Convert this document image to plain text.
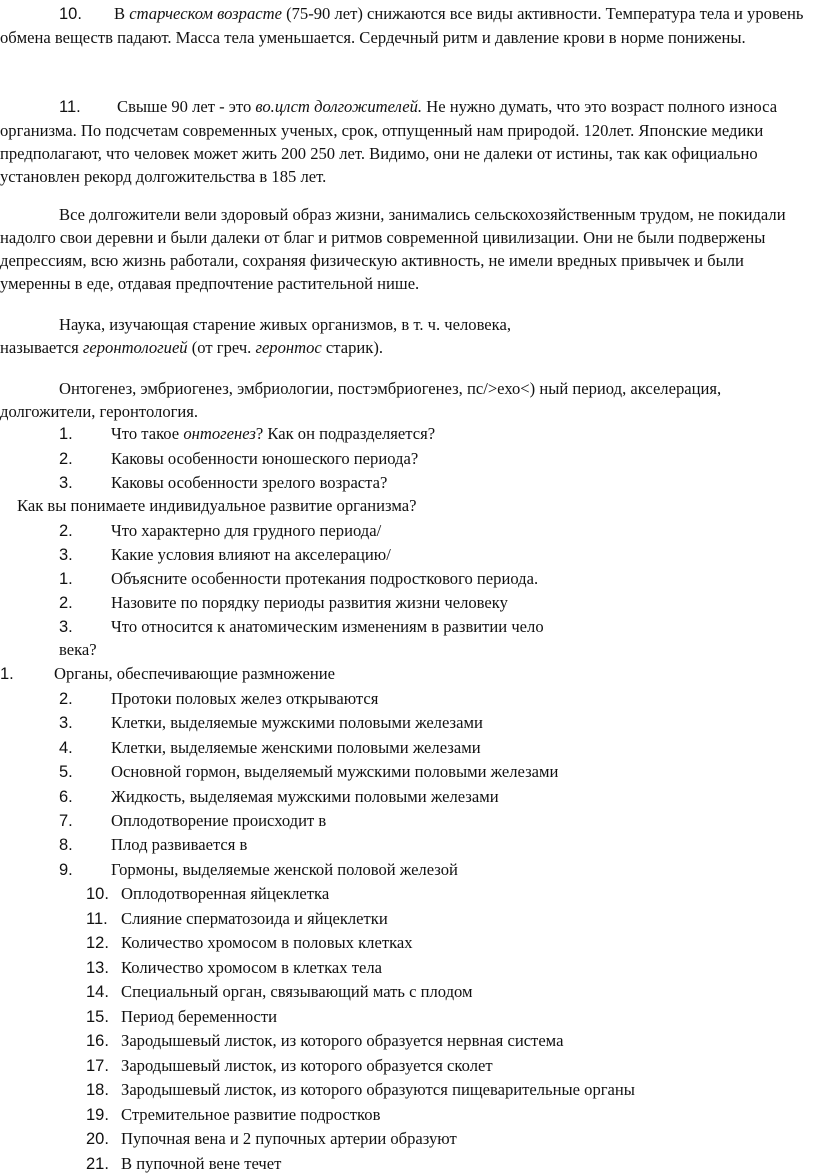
10. В старческом возрасте (75-90 лет) снижаются все виды активности. Температура тела и уровень обмена веществ падают. Масса тела уменьшается. Сердечный ритм и давление крови в норме понижены.

11. Свыше 90 лет - это во.цлст долгожителей. Не нужно думать, что это возраст полного износа организма. По подсчетам современных ученых, срок, отпущенный нам природой. 120лет. Японские медики предполагают, что человек может жить 200 250 лет. Видимо, они не далеки от истины, так как официально установлен рекорд долгожительства в 185 лет.

Все долгожители вели здоровый образ жизни, занимались сельскохозяйственным трудом, не покидали надолго свои деревни и были далеки от благ и ритмов современной цивилизации. Они не были подвержены депрессиям, всю жизнь работали, сохраняя физическую активность, не имели вредных привычек и были умеренны в еде, отдавая предпочтение растительной нише.

Наука, изучающая старение живых организмов, в т. ч. человека,
называется геронтологией (от греч. геронтос старик).

Онтогенез, эмбриогенез, эмбриологии, постэмбриогенез, пс/>ехо<) ный период, акселерация, долгожители, геронтология.

1. Что такое онтогенез? Как он подразделяется?
2. Каковы особенности юношеского периода?
3. Каковы особенности зрелого возраста?
Как вы понимаете индивидуальное развитие организма?
2. Что характерно для грудного периода/
3. Какие условия влияют на акселерацию/
1. Объясните особенности протекания подросткового периода.
2. Назовите по порядку периоды развития жизни человеку
3. Что относится к анатомическим изменениям в развитии чело
века?
1. Органы, обеспечивающие размножение
2. Протоки половых желез открываются
3. Клетки, выделяемые мужскими половыми железами
4. Клетки, выделяемые женскими половыми железами
5. Основной гормон, выделяемый мужскими половыми железами
6. Жидкость, выделяемая мужскими половыми железами
7. Оплодотворение происходит в
8. Плод развивается в
9. Гормоны, выделяемые женской половой железой
10. Оплодотворенная яйцеклетка
11. Слияние сперматозоида и яйцеклетки
12. Количество хромосом в половых клетках
13. Количество хромосом в клетках тела
14. Специальный орган, связывающий мать с плодом
15. Период беременности
16. Зародышевый листок, из которого образуется нервная система
17. Зародышевый листок, из которого образуется сколет
18. Зародышевый листок, из которого образуются пищеварительные органы
19. Стремительное развитие подростков
20. Пупочная вена и 2 пупочных артерии образуют
21. В пупочной вене течет
